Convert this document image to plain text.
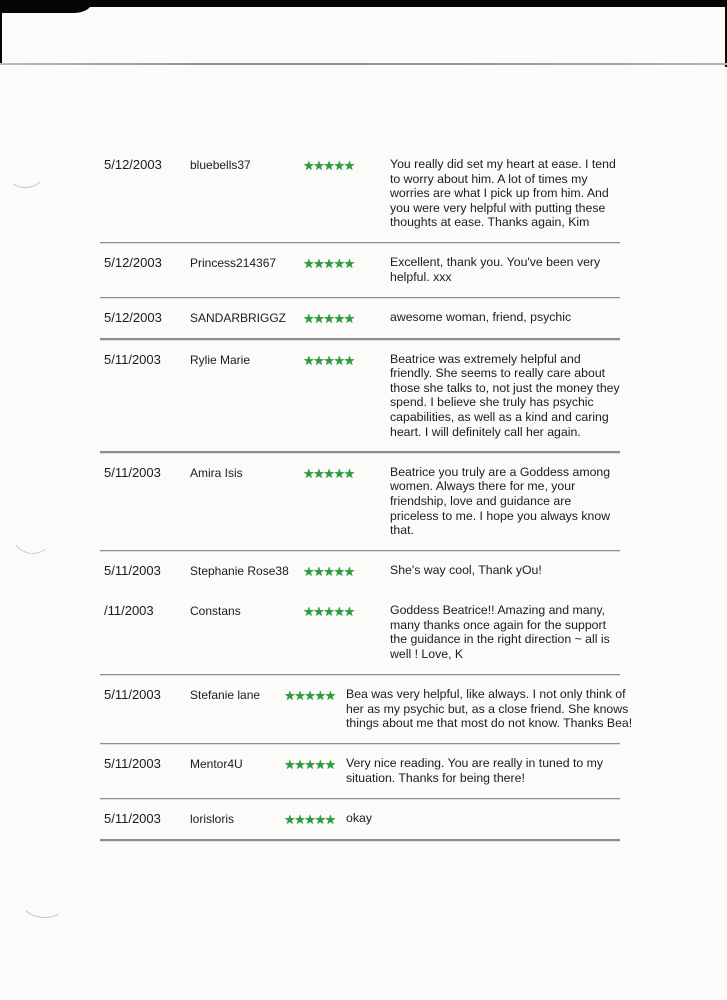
5/12/2003	bluebells37	★★★★★	You really did set my heart at ease. I tend to worry about him. A lot of times my worries are what I pick up from him. And you were very helpful with putting these thoughts at ease. Thanks again, Kim
5/12/2003	Princess214367	★★★★★	Excellent, thank you. You've been very helpful. xxx
5/12/2003	SANDARBRIGGZ	★★★★★	awesome woman, friend, psychic
5/11/2003	Rylie Marie	★★★★★	Beatrice was extremely helpful and friendly. She seems to really care about those she talks to, not just the money they spend. I believe she truly has psychic capabilities, as well as a kind and caring heart. I will definitely call her again.
5/11/2003	Amira Isis	★★★★★	Beatrice you truly are a Goddess among women. Always there for me, your friendship, love and guidance are priceless to me. I hope you always know that.
5/11/2003	Stephanie Rose38	★★★★★	She's way cool, Thank yOu!
/11/2003	Constans	★★★★★	Goddess Beatrice!! Amazing and many, many thanks once again for the support the guidance in the right direction ~ all is well ! Love, K
5/11/2003	Stefanie lane	★★★★★ Bea was very helpful, like always. I not only think of her as my psychic but, as a close friend. She knows things about me that most do not know. Thanks Bea!
5/11/2003	Mentor4U	★★★★★ Very nice reading. You are really in tuned to my situation. Thanks for being there!
5/11/2003	lorisloris	★★★★★ okay
